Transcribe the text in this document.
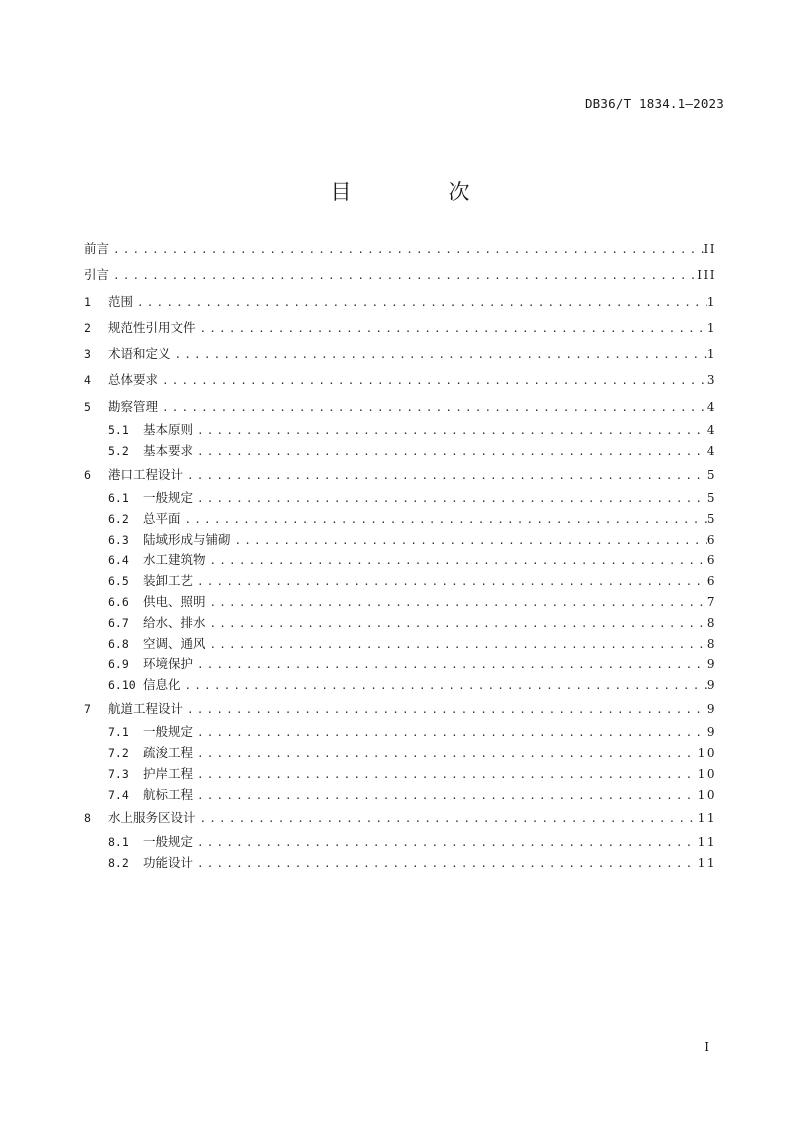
DB36/T 1834.1—2023
目　次
前言 .....	II
引言 .....	III
1	范围 .....	1
2	规范性引用文件 .....	1
3	术语和定义 .....	1
4	总体要求 .....	3
5	勘察管理 .....	4
5.1	基本原则 .....	4
5.2	基本要求 .....	4
6	港口工程设计 .....	5
6.1	一般规定 .....	5
6.2	总平面 .....	5
6.3	陆域形成与铺砌 .....	6
6.4	水工建筑物 .....	6
6.5	装卸工艺 .....	6
6.6	供电、照明 .....	7
6.7	给水、排水 .....	8
6.8	空调、通风 .....	8
6.9	环境保护 .....	9
6.10 信息化 .....	9
7	航道工程设计 .....	9
7.1	一般规定 .....	9
7.2	疏浚工程 .....	10
7.3	护岸工程 .....	10
7.4	航标工程 .....	10
8	水上服务区设计 .....	11
8.1	一般规定 .....	11
8.2	功能设计 .....	11
I
